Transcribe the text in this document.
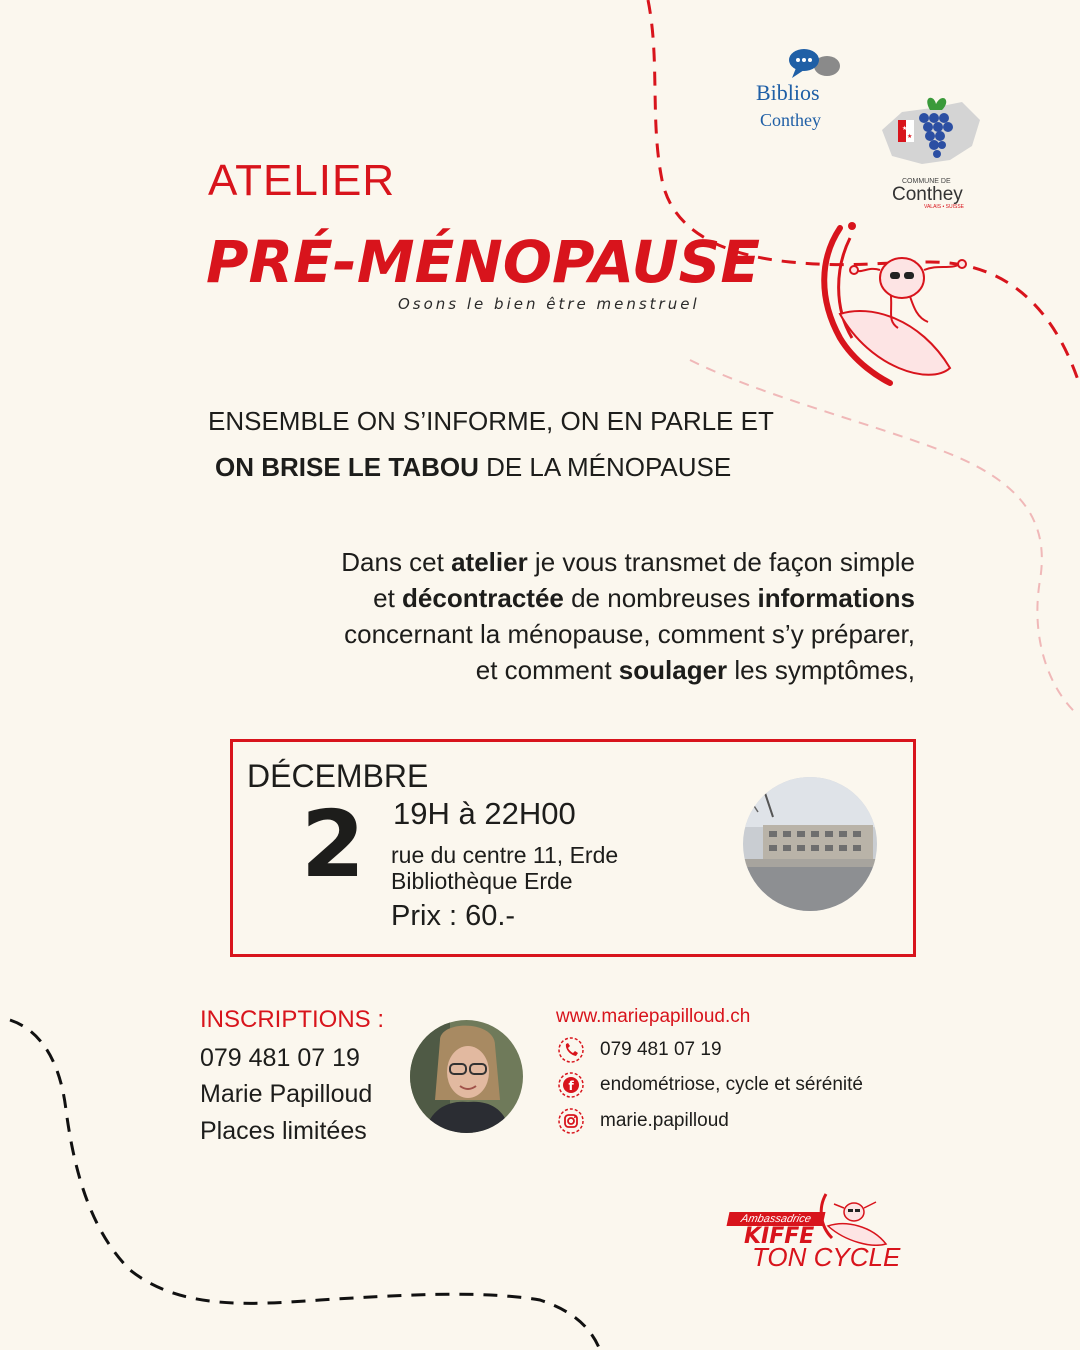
Biblios
Conthey	★
★
COMMUNE DE
Conthey
VALAIS • SUISSE
ATELIER
PRÉ-MÉNOPAUSE
Osons le bien être menstruel
ENSEMBLE ON S’INFORME, ON EN PARLE ET
ON BRISE LE TABOU DE LA MÉNOPAUSE
Dans cet atelier je vous transmet de façon simple
et décontractée de nombreuses informations
concernant la ménopause, comment s’y préparer,
et comment soulager les symptômes,
DÉCEMBRE
2 19H à 22H00
rue du centre 11, Erde
Bibliothèque Erde
Prix : 60.-
INSCRIPTIONS :
079 481 07 19
Marie Papilloud
Places limitées
www.mariepapilloud.ch
079 481 07 19
f endométriose, cycle et sérénité
marie.papilloud
Ambassadrice
KIFFE
TON CYCLE
